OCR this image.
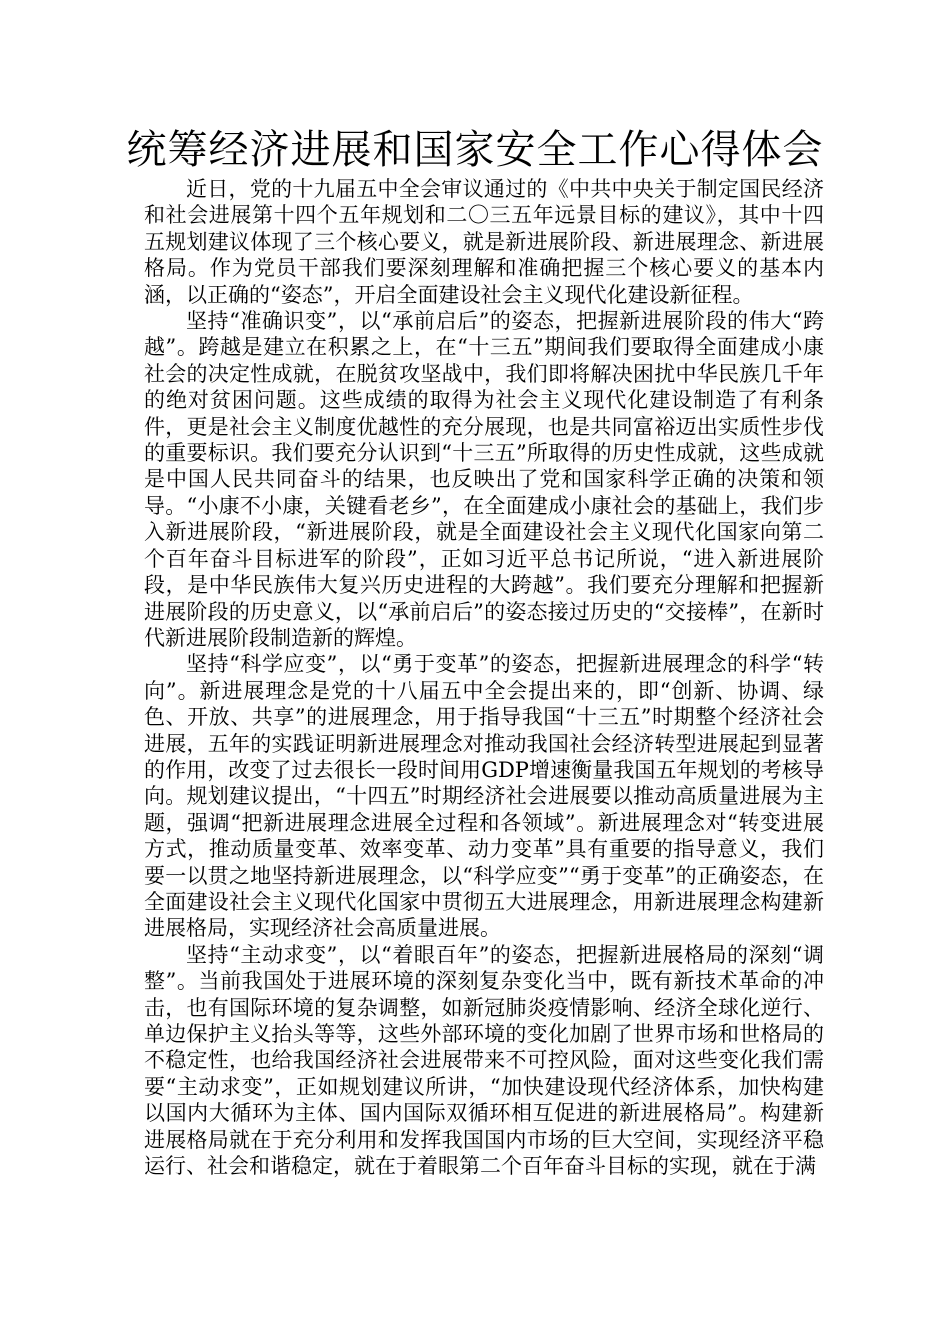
统筹经济进展和国家安全工作心得体会

近日，党的十九届五中全会审议通过的《中共中央关于制定国民经济和社会进展第十四个五年规划和二〇三五年远景目标的建议》，其中十四五规划建议体现了三个核心要义，就是新进展阶段、新进展理念、新进展格局。作为党员干部我们要深刻理解和准确把握三个核心要义的基本内涵，以正确的“姿态”，开启全面建设社会主义现代化建设新征程。

坚持“准确识变”，以“承前启后”的姿态，把握新进展阶段的伟大“跨越”。跨越是建立在积累之上，在“十三五”期间我们要取得全面建成小康社会的决定性成就，在脱贫攻坚战中，我们即将解决困扰中华民族几千年的绝对贫困问题。这些成绩的取得为社会主义现代化建设制造了有利条件，更是社会主义制度优越性的充分展现，也是共同富裕迈出实质性步伐的重要标识。我们要充分认识到“十三五”所取得的历史性成就，这些成就是中国人民共同奋斗的结果，也反映出了党和国家科学正确的决策和领导。“小康不小康，关键看老乡”，在全面建成小康社会的基础上，我们步入新进展阶段，“新进展阶段，就是全面建设社会主义现代化国家向第二个百年奋斗目标进军的阶段”，正如习近平总书记所说，“进入新进展阶段，是中华民族伟大复兴历史进程的大跨越”。我们要充分理解和把握新进展阶段的历史意义，以“承前启后”的姿态接过历史的“交接棒”，在新时代新进展阶段制造新的辉煌。

坚持“科学应变”，以“勇于变革”的姿态，把握新进展理念的科学“转向”。新进展理念是党的十八届五中全会提出来的，即“创新、协调、绿色、开放、共享”的进展理念，用于指导我国“十三五”时期整个经济社会进展，五年的实践证明新进展理念对推动我国社会经济转型进展起到显著的作用，改变了过去很长一段时间用GDP增速衡量我国五年规划的考核导向。规划建议提出，“十四五”时期经济社会进展要以推动高质量进展为主题，强调“把新进展理念进展全过程和各领域”。新进展理念对“转变进展方式，推动质量变革、效率变革、动力变革”具有重要的指导意义，我们要一以贯之地坚持新进展理念，以“科学应变”“勇于变革”的正确姿态，在全面建设社会主义现代化国家中贯彻五大进展理念，用新进展理念构建新进展格局，实现经济社会高质量进展。

坚持“主动求变”，以“着眼百年”的姿态，把握新进展格局的深刻“调整”。当前我国处于进展环境的深刻复杂变化当中，既有新技术革命的冲击，也有国际环境的复杂调整，如新冠肺炎疫情影响、经济全球化逆行、单边保护主义抬头等等，这些外部环境的变化加剧了世界市场和世格局的不稳定性，也给我国经济社会进展带来不可控风险，面对这些变化我们需要“主动求变”，正如规划建议所讲，“加快建设现代经济体系，加快构建以国内大循环为主体、国内国际双循环相互促进的新进展格局”。构建新进展格局就在于充分利用和发挥我国国内市场的巨大空间，实现经济平稳运行、社会和谐稳定，就在于着眼第二个百年奋斗目标的实现，就在于满
